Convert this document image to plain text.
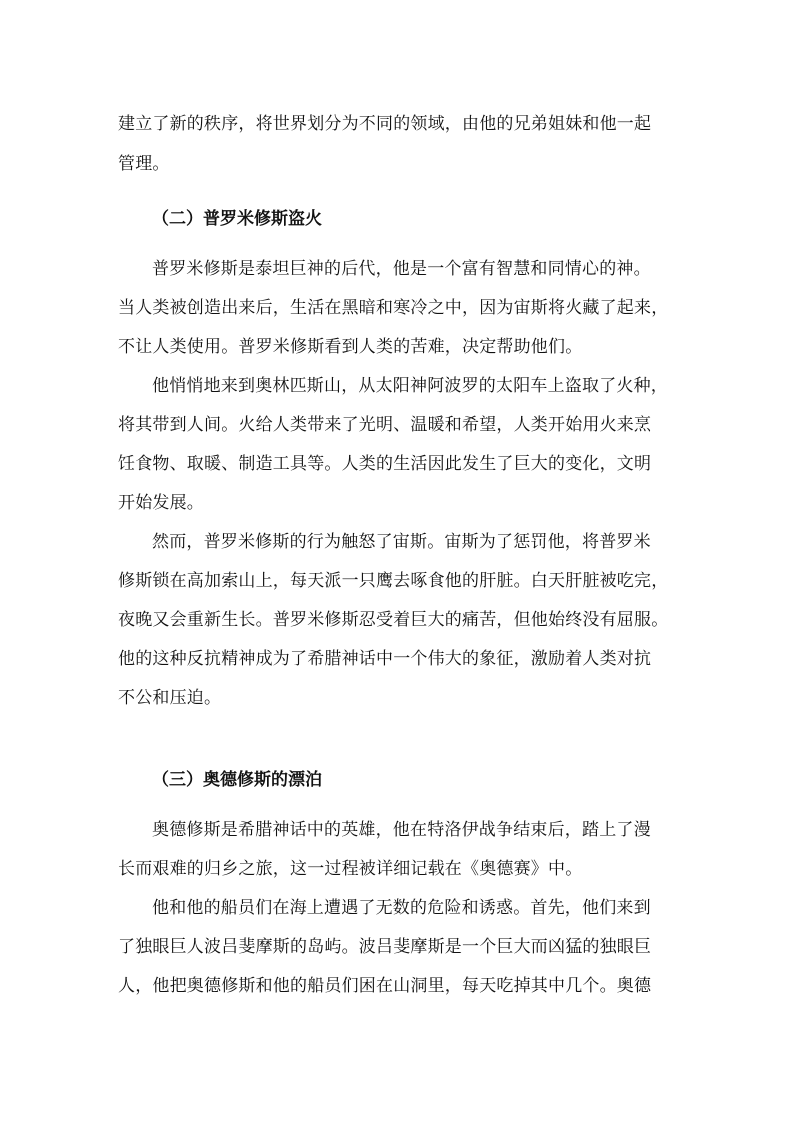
建立了新的秩序，将世界划分为不同的领域，由他的兄弟姐妹和他一起
管理。

（二）普罗米修斯盗火

普罗米修斯是泰坦巨神的后代，他是一个富有智慧和同情心的神。
当人类被创造出来后，生活在黑暗和寒冷之中，因为宙斯将火藏了起来，
不让人类使用。普罗米修斯看到人类的苦难，决定帮助他们。

他悄悄地来到奥林匹斯山，从太阳神阿波罗的太阳车上盗取了火种，
将其带到人间。火给人类带来了光明、温暖和希望，人类开始用火来烹
饪食物、取暖、制造工具等。人类的生活因此发生了巨大的变化，文明
开始发展。

然而，普罗米修斯的行为触怒了宙斯。宙斯为了惩罚他，将普罗米
修斯锁在高加索山上，每天派一只鹰去啄食他的肝脏。白天肝脏被吃完，
夜晚又会重新生长。普罗米修斯忍受着巨大的痛苦，但他始终没有屈服。
他的这种反抗精神成为了希腊神话中一个伟大的象征，激励着人类对抗
不公和压迫。

（三）奥德修斯的漂泊

奥德修斯是希腊神话中的英雄，他在特洛伊战争结束后，踏上了漫
长而艰难的归乡之旅，这一过程被详细记载在《奥德赛》中。

他和他的船员们在海上遭遇了无数的危险和诱惑。首先，他们来到
了独眼巨人波吕斐摩斯的岛屿。波吕斐摩斯是一个巨大而凶猛的独眼巨
人，他把奥德修斯和他的船员们困在山洞里，每天吃掉其中几个。奥德
